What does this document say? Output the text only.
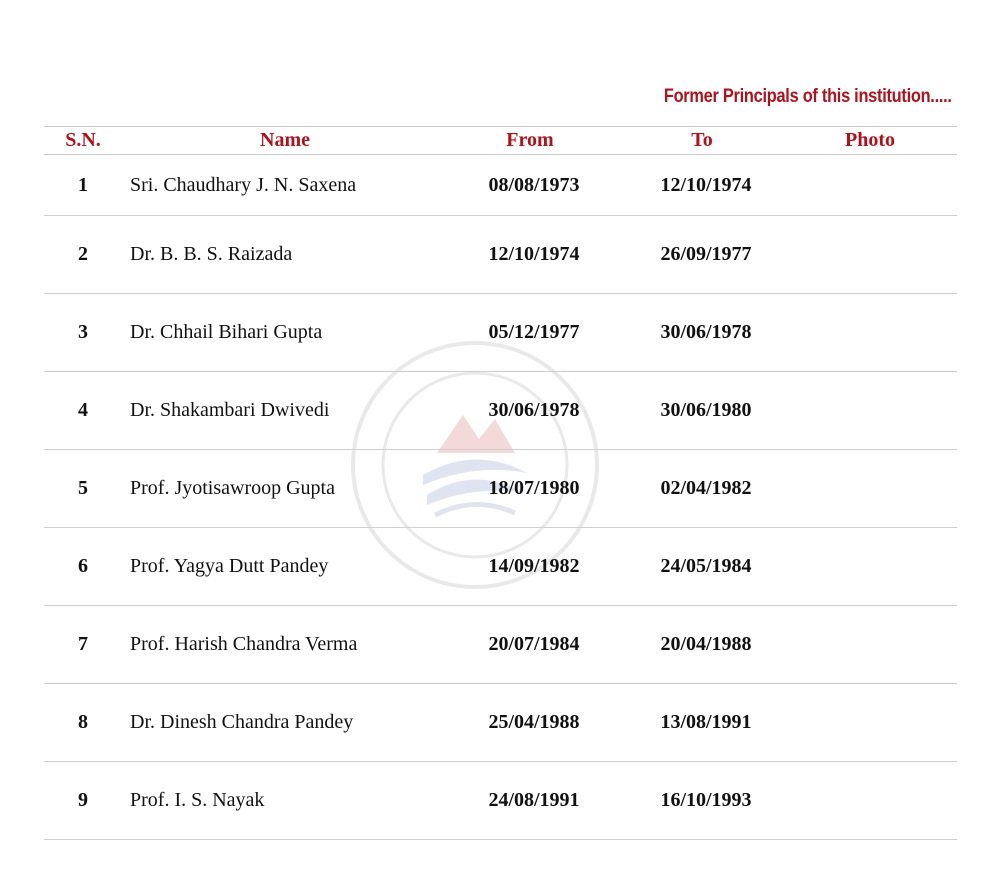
Former Principals of this institution.....
S.N.	Name	From	To	Photo
1	Sri. Chaudhary J. N. Saxena	08/08/1973	12/10/1974
2	Dr. B. B. S. Raizada	12/10/1974	26/09/1977
3	Dr. Chhail Bihari Gupta	05/12/1977	30/06/1978
4	Dr. Shakambari Dwivedi	30/06/1978	30/06/1980
5	Prof. Jyotisawroop Gupta	18/07/1980	02/04/1982
6	Prof. Yagya Dutt Pandey	14/09/1982	24/05/1984
7	Prof. Harish Chandra Verma	20/07/1984	20/04/1988
8	Dr. Dinesh Chandra Pandey	25/04/1988	13/08/1991
9	Prof. I. S. Nayak	24/08/1991	16/10/1993
